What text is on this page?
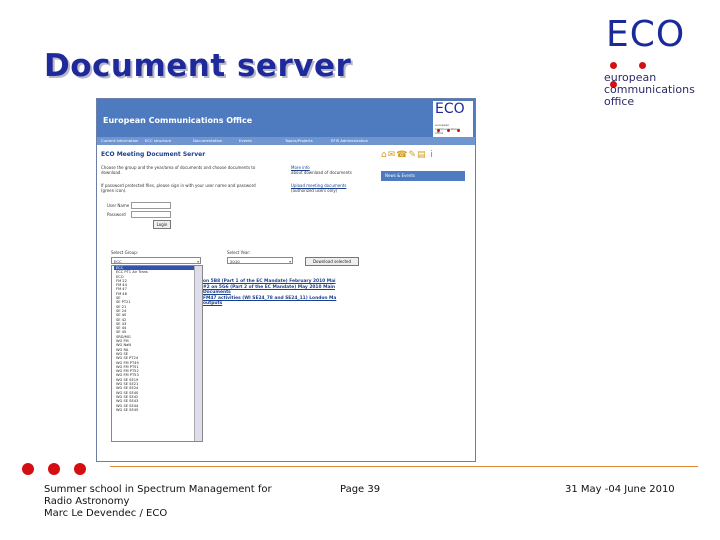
Document server
ECO
european
communications
office
European Communications Office
ECO
european
communications
office
Current information ECC structure	Documentation	Events	Topics/Projects	EFIS Administration
ECO Meeting Document Server
Choose the group and the year/area of documents and choose documents to download.
If password protected files, please sign in with your user name and password (green icon).
More info
about download of documents
Upload meeting documents
(authorized users only)
⌂✉☎✎▤ i
News & Events
User Name
Password
Login
Select Group:
ECC	▾
Select Year:
2010	▾	Download selected
ECC
ECC PT1 Air Trans
ECO
FM 22
FM 44
FM 47
FM 48
SE
SE PT21
SE 21
SE 24
SE 40
SE 42
SE 43
SE 44
SE 45
SRD/MG
WG FM
WG NaN
WG RA
WG SE
WG SE PT24
WG FM PT49
WG FM PT51
WG FM PT52
WG FM PT53
WG SE SE19
WG SE SE21
WG SE SE24
WG SE SE40
WG SE SE42
WG SE SE43
WG SE SE44
WG SE SE45
on 5B8 (Part 1 of the EC Mandate) February 2010 Mai
#2 on 5G6 (Part 2 of the EC Mandate) May 2010 Main
Documents
FM47 activities (WI SE24_78 and SE24_11) London Ma
outputs
Summer school in Spectrum Management for
Radio Astronomy
Marc Le Devendec / ECO
Page 39	31 May -04 June 2010
